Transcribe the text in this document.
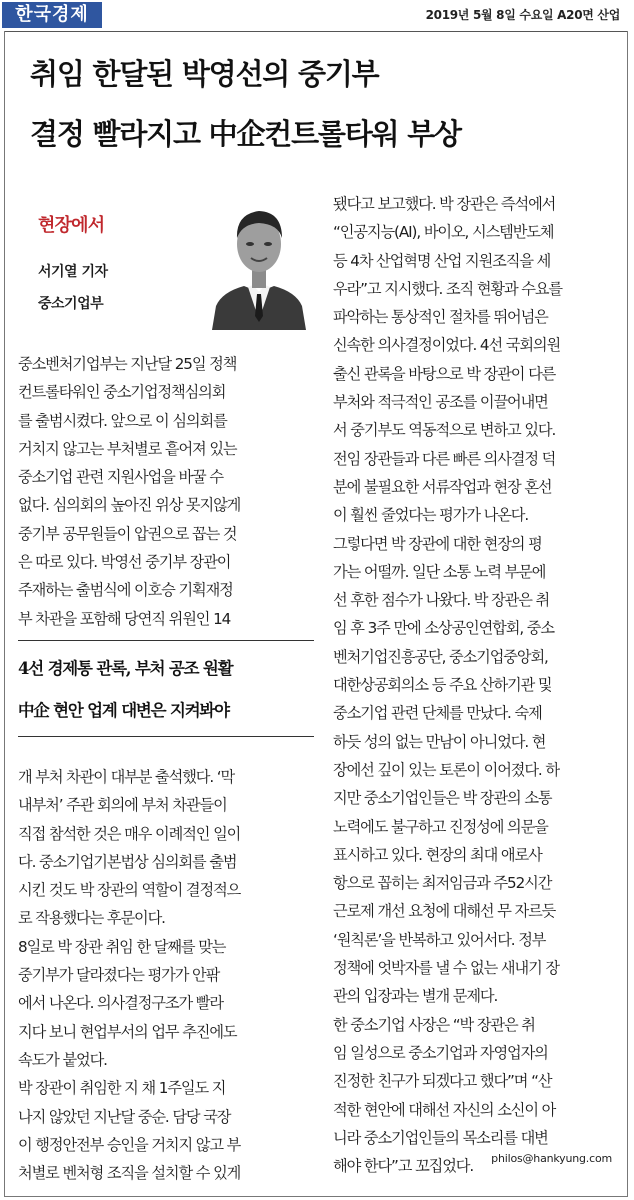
한국경제	2019년 5월 8일 수요일 A20면 산업
취임 한달된 박영선의 중기부
결정 빨라지고 中企컨트롤타워 부상
현장에서
서기열 기자
중소기업부
중소벤처기업부는 지난달 25일 정책
컨트롤타워인 중소기업정책심의회
를 출범시켰다. 앞으로 이 심의회를
거치지 않고는 부처별로 흩어져 있는
중소기업 관련 지원사업을 바꿀 수
없다. 심의회의 높아진 위상 못지않게
중기부 공무원들이 압권으로 꼽는 것
은 따로 있다. 박영선 중기부 장관이
주재하는 출범식에 이호승 기획재정
부 차관을 포함해 당연직 위원인 14
4선 경제통 관록, 부처 공조 원활
中企 현안 업계 대변은 지켜봐야
개 부처 차관이 대부분 출석했다. ‘막
내부처’ 주관 회의에 부처 차관들이
직접 참석한 것은 매우 이례적인 일이
다. 중소기업기본법상 심의회를 출범
시킨 것도 박 장관의 역할이 결정적으
로 작용했다는 후문이다.
8일로 박 장관 취임 한 달째를 맞는
중기부가 달라졌다는 평가가 안팎
에서 나온다. 의사결정구조가 빨라
지다 보니 현업부서의 업무 추진에도
속도가 붙었다.
박 장관이 취임한 지 채 1주일도 지
나지 않았던 지난달 중순. 담당 국장
이 행정안전부 승인을 거치지 않고 부
처별로 벤처형 조직을 설치할 수 있게
됐다고 보고했다. 박 장관은 즉석에서
“인공지능(AI), 바이오, 시스템반도체
등 4차 산업혁명 산업 지원조직을 세
우라”고 지시했다. 조직 현황과 수요를
파악하는 통상적인 절차를 뛰어넘은
신속한 의사결정이었다. 4선 국회의원
출신 관록을 바탕으로 박 장관이 다른
부처와 적극적인 공조를 이끌어내면
서 중기부도 역동적으로 변하고 있다.
전임 장관들과 다른 빠른 의사결정 덕
분에 불필요한 서류작업과 현장 혼선
이 훨씬 줄었다는 평가가 나온다.
그렇다면 박 장관에 대한 현장의 평
가는 어떨까. 일단 소통 노력 부문에
선 후한 점수가 나왔다. 박 장관은 취
임 후 3주 만에 소상공인연합회, 중소
벤처기업진흥공단, 중소기업중앙회,
대한상공회의소 등 주요 산하기관 및
중소기업 관련 단체를 만났다. 숙제
하듯 성의 없는 만남이 아니었다. 현
장에선 깊이 있는 토론이 이어졌다. 하
지만 중소기업인들은 박 장관의 소통
노력에도 불구하고 진정성에 의문을
표시하고 있다. 현장의 최대 애로사
항으로 꼽히는 최저임금과 주52시간
근로제 개선 요청에 대해선 무 자르듯
‘원칙론’을 반복하고 있어서다. 정부
정책에 엇박자를 낼 수 없는 새내기 장
관의 입장과는 별개 문제다.
한 중소기업 사장은 “박 장관은 취
임 일성으로 중소기업과 자영업자의
진정한 친구가 되겠다고 했다”며 “산
적한 현안에 대해선 자신의 소신이 아
니라 중소기업인들의 목소리를 대변
해야 한다”고 꼬집었다.	philos@hankyung.com
